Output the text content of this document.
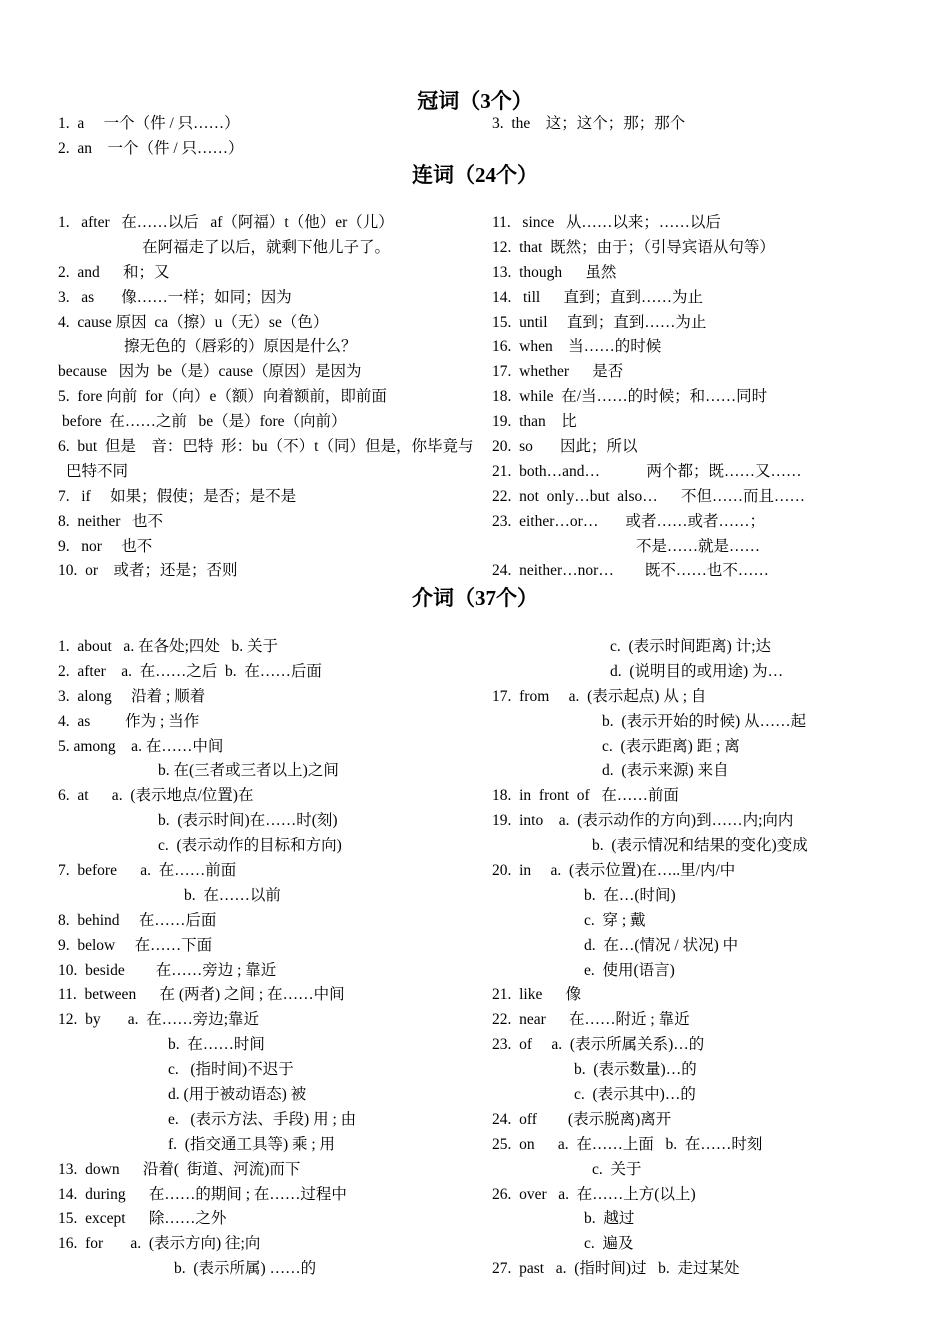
冠词（3个）
1.  a     一个（件 / 只……）
2.  an    一个（件 / 只……）
3.  the    这；这个；那；那个
连词（24个）
1.   after   在……以后   af（阿福）t（他）er（儿）
在阿福走了以后，就剩下他儿子了。
2.  and      和；又
3.   as       像……一样；如同；因为
4.  cause 原因  ca（擦）u（无）se（色）
擦无色的（唇彩的）原因是什么？
because   因为  be（是）cause（原因）是因为
5.  fore 向前  for（向）e（额）向着额前，即前面
before  在……之前   be（是）fore（向前）
6.  but  但是    音：巴特  形：bu（不）t（同）但是，你毕竟与
巴特不同
7.   if     如果；假使；是否；是不是
8.  neither   也不
9.   nor     也不
10.  or    或者；还是；否则
11.   since   从……以来；……以后
12.  that  既然；由于；（引导宾语从句等）
13.  though      虽然
14.   till      直到；直到……为止
15.  until     直到；直到……为止
16.  when    当……的时候
17.  whether      是否
18.  while  在/当……的时候；和……同时
19.  than    比
20.  so       因此；所以
21.  both…and…            两个都；既……又……
22.  not  only…but  also…      不但……而且……
23.  either…or…       或者……或者……；
不是……就是……
24.  neither…nor…        既不……也不……
介词（37个）
1.  about   a. 在各处;四处   b. 关于
2.  after    a.  在……之后  b.  在……后面
3.  along     沿着 ; 顺着
4.  as         作为 ; 当作
5. among    a. 在……中间
b. 在(三者或三者以上)之间
6.  at      a.  (表示地点/位置)在
b.  (表示时间)在……时(刻)
c.  (表示动作的目标和方向)
7.  before      a.  在……前面
b.  在……以前
8.  behind     在……后面
9.  below     在……下面
10.  beside        在……旁边 ; 靠近
11.  between      在 (两者) 之间 ; 在……中间
12.  by       a.  在……旁边;靠近
b.  在……时间
c.   (指时间)不迟于
d. (用于被动语态) 被
e.   (表示方法、手段) 用 ; 由
f.  (指交通工具等) 乘 ; 用
13.  down      沿着(  街道、河流)而下
14.  during      在……的期间 ; 在……过程中
15.  except      除……之外
16.  for       a.  (表示方向) 往;向
b.  (表示所属) ……的
c.  (表示时间距离) 计;达
d.  (说明目的或用途) 为…
17.  from     a.  (表示起点) 从 ; 自
b.  (表示开始的时候) 从……起
c.  (表示距离) 距 ; 离
d.  (表示来源) 来自
18.  in  front  of   在……前面
19.  into    a.  (表示动作的方向)到……内;向内
b.  (表示情况和结果的变化)变成
20.  in     a.  (表示位置)在…..里/内/中
b.  在…(时间)
c.  穿 ; 戴
d.  在…(情况 / 状况) 中
e.  使用(语言)
21.  like      像
22.  near      在……附近 ; 靠近
23.  of     a.  (表示所属关系)…的
b.  (表示数量)…的
c.  (表示其中)…的
24.  off        (表示脱离)离开
25.  on      a.  在……上面   b.  在……时刻
c.  关于
26.  over   a.  在……上方(以上)
b.  越过
c.  遍及
27.  past   a.  (指时间)过   b.  走过某处
